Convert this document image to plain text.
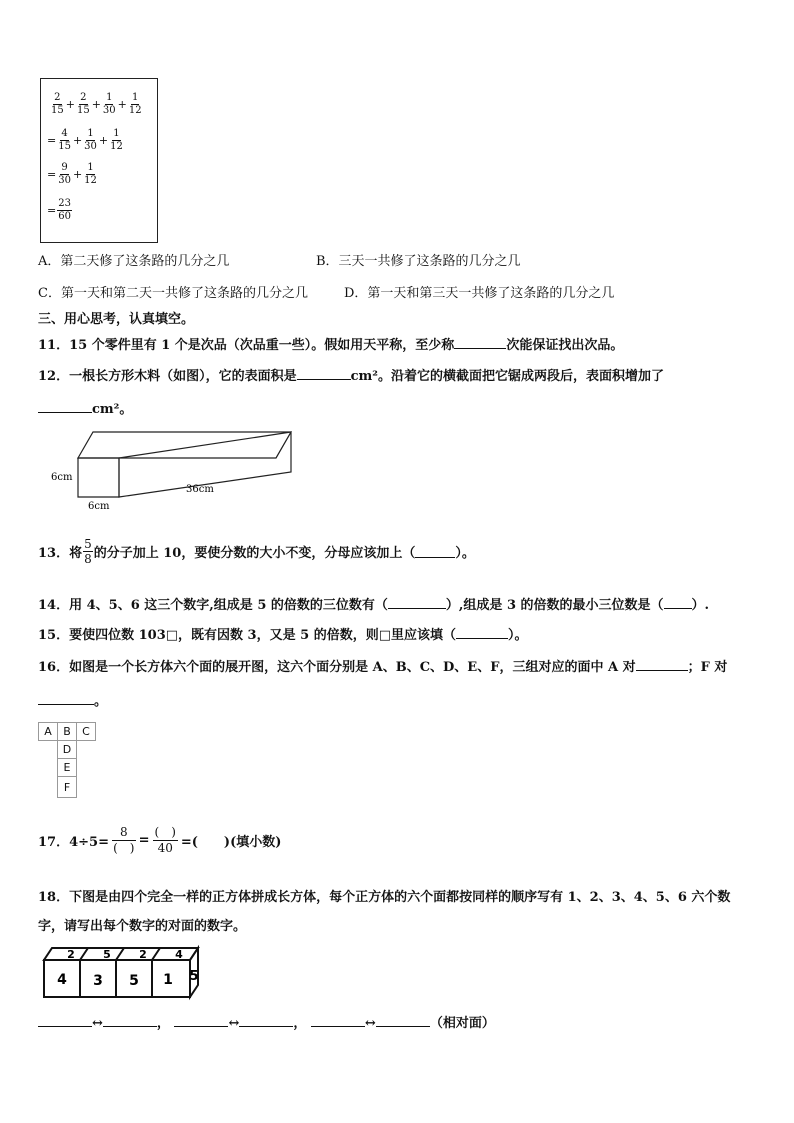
$\frac{2}{15} + \frac{2}{15} + \frac{1}{30} + \frac{1}{12}$
= $\frac{4}{15} + \frac{1}{30} + \frac{1}{12}$
= $\frac{9}{30} + \frac{1}{12}$
= $\frac{23}{60}$
A．第二天修了这条路的几分之几	B．三天一共修了这条路的几分之几
C．第一天和第二天一共修了这条路的几分之几	D．第一天和第三天一共修了这条路的几分之几
三、用心思考，认真填空。
11．15 个零件里有 1 个是次品（次品重一些）。假如用天平称，至少称	次能保证找出次品。
12．一根长方形木料（如图），它的表面积是	cm²。沿着它的横截面把它锯成两段后，表面积增加了
cm²。
6cm
6cm
36cm
13．将 $\frac{5}{8}$ 的分子加上 10，要使分数的大小不变，分母应该加上（	）。
14．用 4、5、6 这三个数字,组成是 5 的倍数的三位数有（	）,组成是 3 的倍数的最小三位数是（ ）.
15．要使四位数 103□，既有因数 3，又是 5 的倍数，则□里应该填（	）。
16．如图是一个长方体六个面的展开图，这六个面分别是 A、B、C、D、E、F，三组对应的面中 A 对	；F 对
。
A	B	C
	D	
	E	
	F	
17．$4\div 5= \frac{8}{( )} = \frac{( )}{40}$ =(　　)(填小数)
18．下图是由四个完全一样的正方体拼成长方体，每个正方体的六个面都按同样的顺序写有 1、2、3、4、5、6 六个数
字，请写出每个数字的对面的数字。
2	5	2	4
4 3 5 1 5
↔	，	↔	，	↔	（相对面）
